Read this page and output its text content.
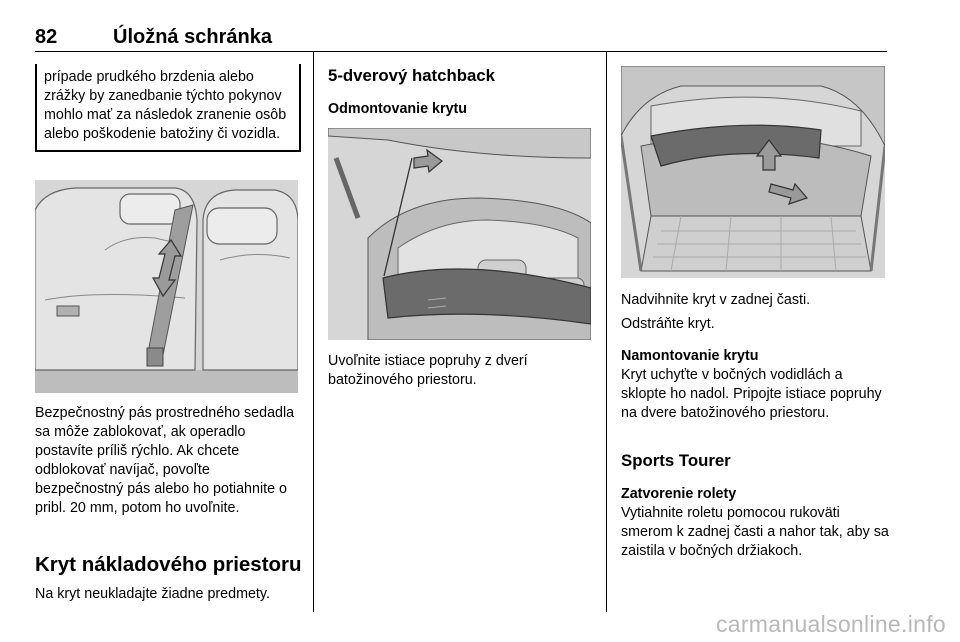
82	Úložná schránka
prípade prudkého brzdenia alebo zrážky by zanedbanie týchto pokynov mohlo mať za následok zranenie osôb alebo poškodenie batožiny či vozidla.
Bezpečnostný pás prostredného sedadla sa môže zablokovať, ak operadlo postavíte príliš rýchlo. Ak chcete odblokovať navíjač, povoľte bezpečnostný pás alebo ho potiahnite o pribl. 20 mm, potom ho uvoľnite.
Kryt nákladového priestoru
Na kryt neukladajte žiadne predmety.
5-dverový hatchback
Odmontovanie krytu
Uvoľnite istiace popruhy z dverí batožinového priestoru.
Nadvihnite kryt v zadnej časti.
Odstráňte kryt.
Namontovanie krytu
Kryt uchyťte v bočných vodidlách a sklopte ho nadol. Pripojte istiace popruhy na dvere batožinového priestoru.
Sports Tourer
Zatvorenie rolety
Vytiahnite roletu pomocou rukoväti smerom k zadnej časti a nahor tak, aby sa zaistila v bočných držiakoch.
carmanualsonline.info
